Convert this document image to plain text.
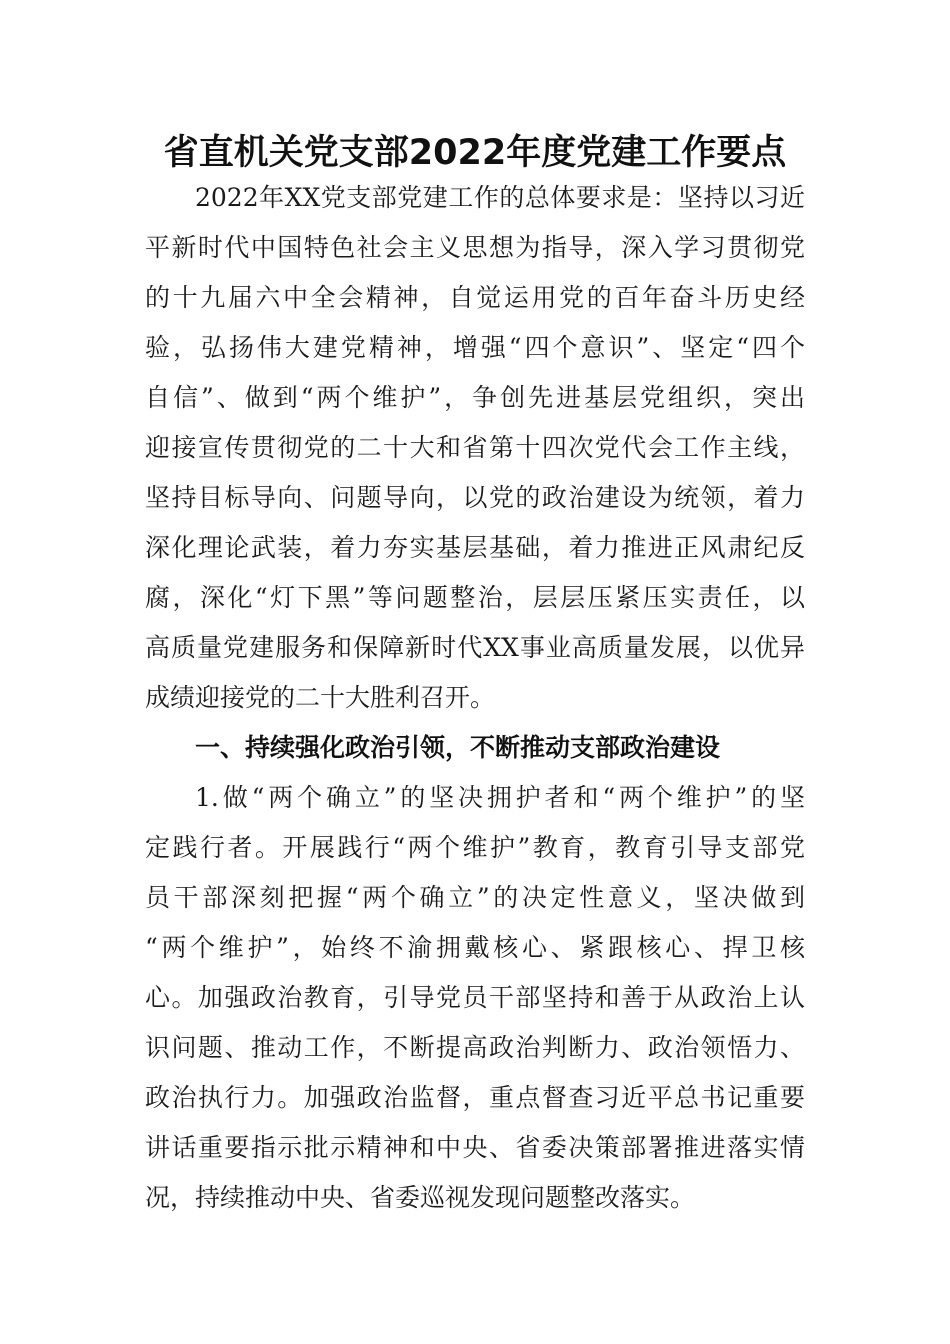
省直机关党支部2022年度党建工作要点
2022年XX党支部党建工作的总体要求是：坚持以习近
平新时代中国特色社会主义思想为指导，深入学习贯彻党
的十九届六中全会精神，自觉运用党的百年奋斗历史经
验，弘扬伟大建党精神，增强“四个意识”、坚定“四个
自信”、做到“两个维护”，争创先进基层党组织，突出
迎接宣传贯彻党的二十大和省第十四次党代会工作主线，
坚持目标导向、问题导向，以党的政治建设为统领，着力
深化理论武装，着力夯实基层基础，着力推进正风肃纪反
腐，深化“灯下黑”等问题整治，层层压紧压实责任，以
高质量党建服务和保障新时代XX事业高质量发展，以优异
成绩迎接党的二十大胜利召开。
一、持续强化政治引领，不断推动支部政治建设
1.做“两个确立”的坚决拥护者和“两个维护”的坚
定践行者。开展践行“两个维护”教育，教育引导支部党
员干部深刻把握“两个确立”的决定性意义，坚决做到
“两个维护”，始终不渝拥戴核心、紧跟核心、捍卫核
心。加强政治教育，引导党员干部坚持和善于从政治上认
识问题、推动工作，不断提高政治判断力、政治领悟力、
政治执行力。加强政治监督，重点督查习近平总书记重要
讲话重要指示批示精神和中央、省委决策部署推进落实情
况，持续推动中央、省委巡视发现问题整改落实。
